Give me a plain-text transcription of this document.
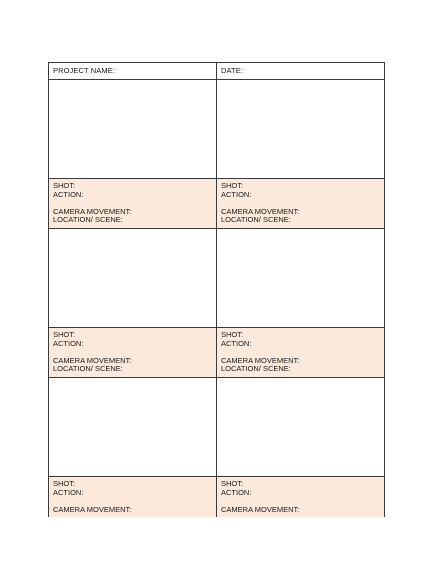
PROJECT NAME:	DATE:
SHOT:
ACTION:
CAMERA MOVEMENT:
LOCATION/ SCENE:
SHOT:
ACTION:
CAMERA MOVEMENT:
LOCATION/ SCENE:
SHOT:
ACTION:
CAMERA MOVEMENT:
LOCATION/ SCENE:
SHOT:
ACTION:
CAMERA MOVEMENT:
LOCATION/ SCENE:
SHOT:
ACTION:
CAMERA MOVEMENT:
SHOT:
ACTION:
CAMERA MOVEMENT:
